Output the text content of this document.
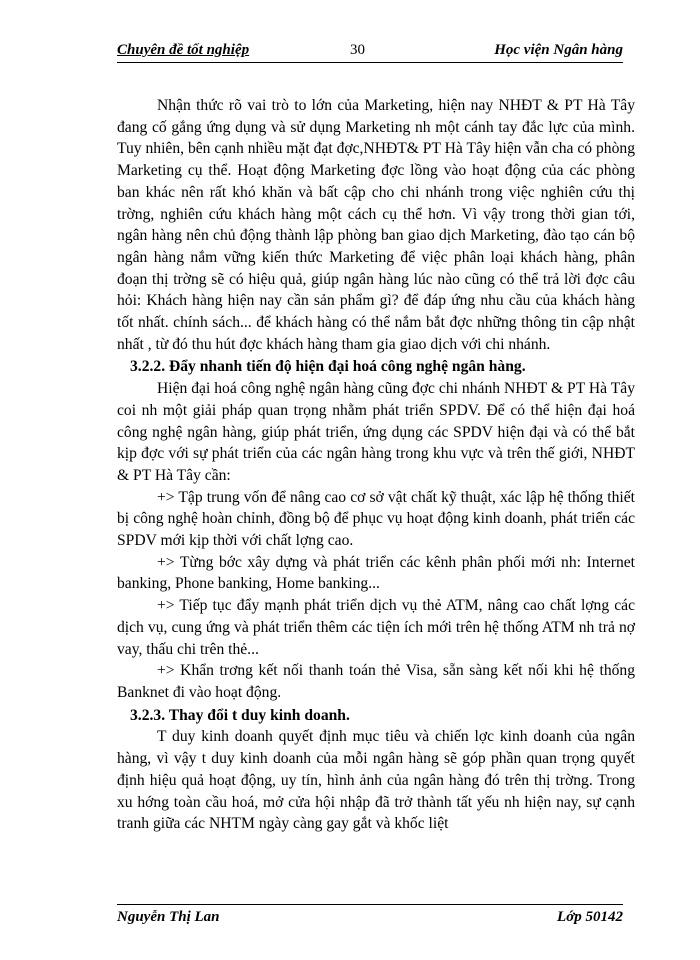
Chuyên đề tốt nghiệp	30	Học viện Ngân hàng

Nhận thức rõ vai trò to lớn của Marketing, hiện nay NHĐT & PT Hà Tây đang cố gắng ứng dụng và sử dụng Marketing nh một cánh tay đắc lực của mình. Tuy nhiên, bên cạnh nhiều mặt đạt đợc,NHĐT& PT Hà Tây hiện vẫn cha có phòng Marketing cụ thể. Hoạt động Marketing đợc lồng vào hoạt động của các phòng ban khác nên rất khó khăn và bất cập cho chi nhánh trong việc nghiên cứu thị trờng, nghiên cứu khách hàng một cách cụ thể hơn. Vì vậy trong thời gian tới, ngân hàng nên chủ động thành lập phòng ban giao dịch Marketing, đào tạo cán bộ ngân hàng nắm vững kiến thức Marketing để việc phân loại khách hàng, phân đoạn thị trờng sẽ có hiệu quả, giúp ngân hàng lúc nào cũng có thể trả lời đợc câu hỏi: Khách hàng hiện nay cần sản phẩm gì? để đáp ứng nhu cầu của khách hàng tốt nhất. chính sách... để khách hàng có thể nắm bắt đợc những thông tin cập nhật nhất , từ đó thu hút đợc khách hàng tham gia giao dịch với chi nhánh.

3.2.2. Đẩy nhanh tiến độ hiện đại hoá công nghệ ngân hàng.

Hiện đại hoá công nghệ ngân hàng cũng đợc chi nhánh NHĐT & PT Hà Tây coi nh một giải pháp quan trọng nhằm phát triển SPDV. Để có thể hiện đại hoá công nghệ ngân hàng, giúp phát triển, ứng dụng các SPDV hiện đại và có thể bắt kịp đợc với sự phát triển của các ngân hàng trong khu vực và trên thế giới, NHĐT & PT Hà Tây cần:

+> Tập trung vốn để nâng cao cơ sở vật chất kỹ thuật, xác lập hệ thống thiết bị công nghệ hoàn chỉnh, đồng bộ để phục vụ hoạt động kinh doanh, phát triển các SPDV mới kịp thời với chất lợng cao.

+> Từng bớc xây dựng và phát triển các kênh phân phối mới nh: Internet banking, Phone banking, Home banking...

+> Tiếp tục đẩy mạnh phát triển dịch vụ thẻ ATM, nâng cao chất lợng các dịch vụ, cung ứng và phát triển thêm các tiện ích mới trên hệ thống ATM nh trả nợ vay, thấu chi trên thẻ...

+> Khẩn trơng kết nối thanh toán thẻ Visa, sẵn sàng kết nối khi hệ thống Banknet đi vào hoạt động.

3.2.3. Thay đổi t duy kinh doanh.

T duy kinh doanh quyết định mục tiêu và chiến lợc kinh doanh của ngân hàng, vì vậy t duy kinh doanh của mỗi ngân hàng sẽ góp phần quan trọng quyết định hiệu quả hoạt động, uy tín, hình ảnh của ngân hàng đó trên thị trờng. Trong xu hớng toàn cầu hoá, mở cửa hội nhập đã trở thành tất yếu nh hiện nay, sự cạnh tranh giữa các NHTM ngày càng gay gắt và khốc liệt

Nguyễn Thị Lan	Lớp 50142
